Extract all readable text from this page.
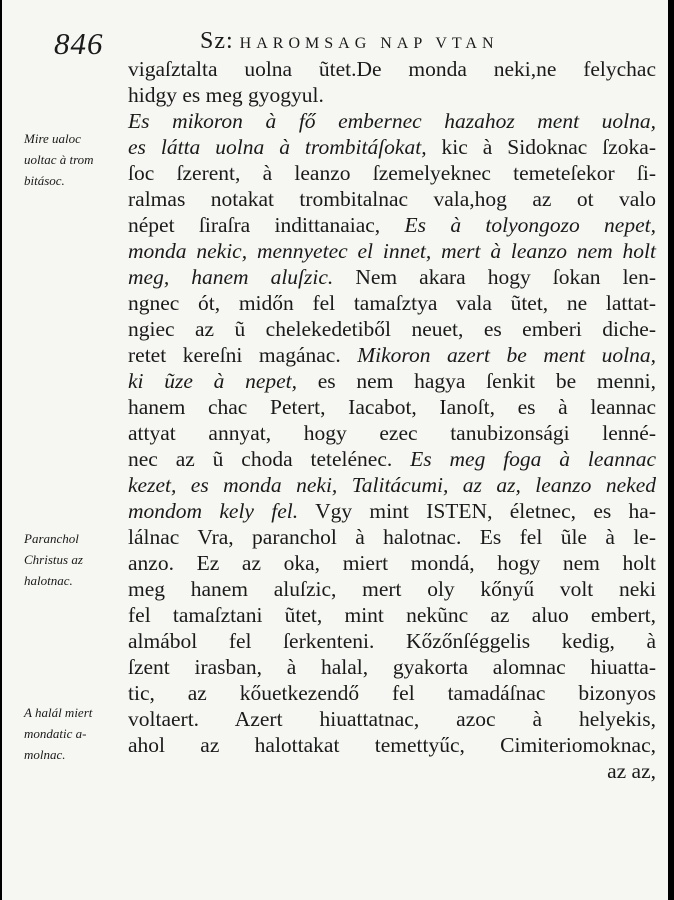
846	Sz: HAROMSAG NAP VTAN
Mire ualoc
uoltac à trom
bitásoc.
Paranchol
Christus az
halotnac.
A halál miert
mondatic a-
molnac.
vigaſztalta uolna ũtet.De monda neki,ne felychac
hidgy es meg gyogyul.
Es mikoron à fő embernec hazahoz ment uolna,
es látta uolna à trombitáſokat, kic à Sidoknac ſzoka-
ſoc ſzerent, à leanzo ſzemelyeknec temeteſekor ſi-
ralmas notakat trombitalnac vala,hog az ot valo
népet ſiraſra indittanaiac, Es à tolyongozo nepet,
monda nekic, mennyetec el innet, mert à leanzo nem holt
meg, hanem aluſzic. Nem akara hogy ſokan len-
ngnec ót, midőn fel tamaſztya vala ũtet, ne lattat-
ngiec az ũ chelekedetiből neuet, es emberi diche-
retet kereſni magánac. Mikoron azert be ment uolna,
ki ũze à nepet, es nem hagya ſenkit be menni,
hanem chac Petert, Iacabot, Ianoſt, es à leannac
attyat annyat, hogy ezec tanubizonsági lenné-
nec az ũ choda tetelénec. Es meg foga à leannac
kezet, es monda neki, Talitácumi, az az, leanzo neked
mondom kely fel. Vgy mint ISTEN, életnec, es ha-
lálnac Vra, paranchol à halotnac. Es fel ũle à le-
anzo. Ez az oka, miert mondá, hogy nem holt
meg hanem aluſzic, mert oly kőnyű volt neki
fel tamaſztani ũtet, mint nekũnc az aluo embert,
almábol fel ſerkenteni. Kőzőnſéggelis kedig, à
ſzent irasban, à halal, gyakorta alomnac hiuatta-
tic, az kőuetkezendő fel tamadáſnac bizonyos
voltaert. Azert hiuattatnac, azoc à helyekis,
ahol az halottakat temettyűc, Cimiteriomoknac,
az az,
